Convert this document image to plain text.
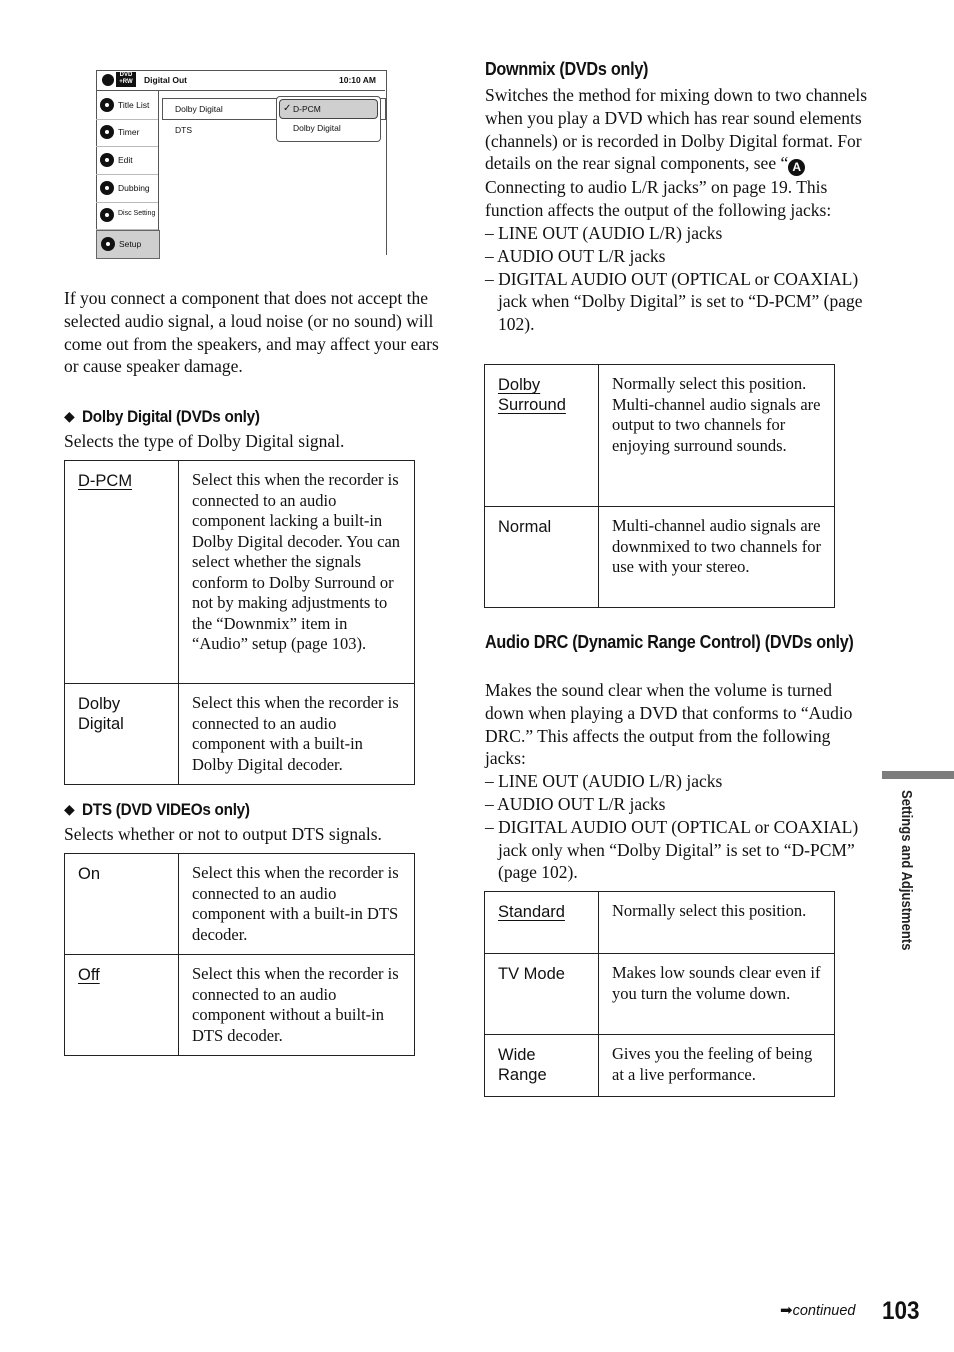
DVD +RW	Digital Out	10:10 AM
Title List
Timer
Edit
Dubbing
Disc Setting
Setup
Dolby Digital
DTS
✓ D-PCM
Dolby Digital
If you connect a component that does not accept the selected audio signal, a loud noise (or no sound) will come out from the speakers, and may affect your ears or cause speaker damage.
◆ Dolby Digital (DVDs only)
Selects the type of Dolby Digital signal.
D-PCM	Select this when the recorder is connected to an audio component lacking a built-in Dolby Digital decoder. You can select whether the signals conform to Dolby Surround or not by making adjustments to the “Downmix” item in “Audio” setup (page 103).

Dolby Digital	Select this when the recorder is connected to an audio component with a built-in Dolby Digital decoder.
◆ DTS (DVD VIDEOs only)
Selects whether or not to output DTS signals.
On	Select this when the recorder is connected to an audio component with a built-in DTS decoder.
Off	Select this when the recorder is connected to an audio component without a built-in DTS decoder.
Downmix (DVDs only)
Switches the method for mixing down to two channels when you play a DVD which has rear sound elements (channels) or is recorded in Dolby Digital format. For details on the rear signal components, see “ A Connecting to audio L/R jacks” on page 19. This function affects the output of the following jacks:
– LINE OUT (AUDIO L/R) jacks
– AUDIO OUT L/R jacks
– DIGITAL AUDIO OUT (OPTICAL or COAXIAL) jack when “Dolby Digital” is set to “D-PCM” (page 102).
Dolby Surround	Normally select this position. Multi-channel audio signals are output to two channels for enjoying surround sounds.
Normal	Multi-channel audio signals are downmixed to two channels for use with your stereo.
Audio DRC (Dynamic Range Control) (DVDs only)
Makes the sound clear when the volume is turned down when playing a DVD that conforms to “Audio DRC.” This affects the output from the following jacks:
– LINE OUT (AUDIO L/R) jacks
– AUDIO OUT L/R jacks
– DIGITAL AUDIO OUT (OPTICAL or COAXIAL) jack only when “Dolby Digital” is set to “D-PCM” (page 102).
Standard	Normally select this position.
TV Mode	Makes low sounds clear even if you turn the volume down.

Wide Range	Gives you the feeling of being at a live performance.
Settings and Adjustments
➡continued 103
